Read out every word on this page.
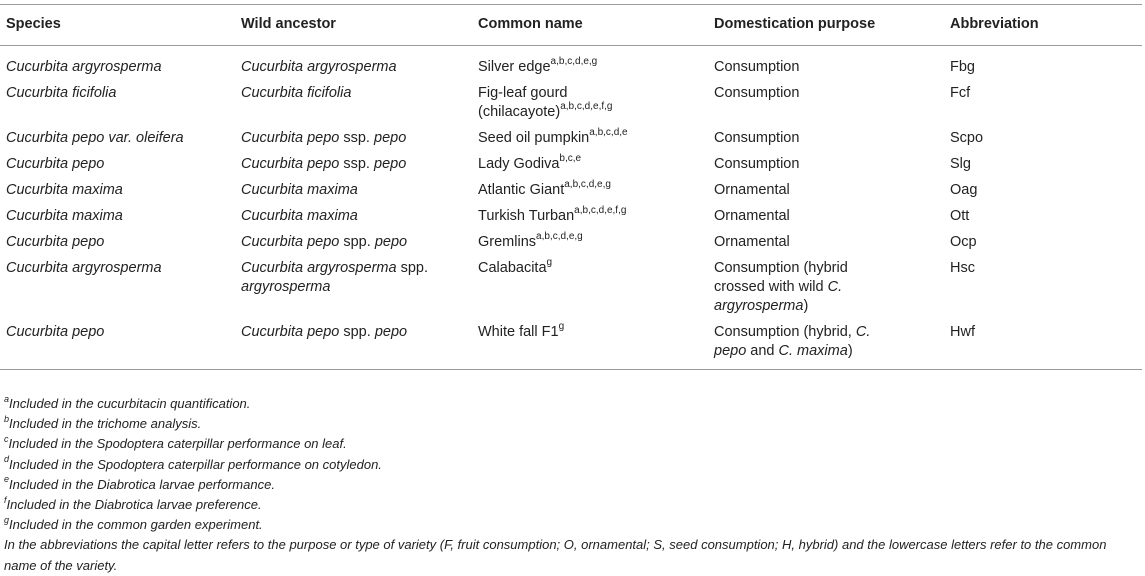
Species	Wild ancestor	Common name	Domestication purpose	Abbreviation
Cucurbita argyrosperma	Cucurbita argyrosperma	Silver edge$^{a,b,c,d,e,g}$	Consumption	Fbg
Cucurbita ficifolia	Cucurbita ficifolia	Fig-leaf gourd (chilacayote)$^{a,b,c,d,e,f,g}$	Consumption	Fcf
Cucurbita pepo var. oleifera	Cucurbita pepo ssp. pepo	Seed oil pumpkin$^{a,b,c,d,e}$	Consumption	Scpo
Cucurbita pepo	Cucurbita pepo ssp. pepo	Lady Godiva$^{b,c,e}$	Consumption	Slg
Cucurbita maxima	Cucurbita maxima	Atlantic Giant$^{a,b,c,d,e,g}$	Ornamental	Oag
Cucurbita maxima	Cucurbita maxima	Turkish Turban$^{a,b,c,d,e,f,g}$	Ornamental	Ott
Cucurbita pepo	Cucurbita pepo spp. pepo	Gremlins$^{a,b,c,d,e,g}$	Ornamental	Ocp
Cucurbita argyrosperma	Cucurbita argyrosperma spp. argyrosperma	Calabacita$^g$	Consumption (hybrid crossed with wild C. argyrosperma)	Hsc
Cucurbita pepo	Cucurbita pepo spp. pepo	White fall F1$^g$	Consumption (hybrid, C. pepo and C. maxima)	Hwf
$^a$Included in the cucurbitacin quantification.
$^b$Included in the trichome analysis.
$^c$Included in the Spodoptera caterpillar performance on leaf.
$^d$Included in the Spodoptera caterpillar performance on cotyledon.
$^e$Included in the Diabrotica larvae performance.
$^f$Included in the Diabrotica larvae preference.
$^g$Included in the common garden experiment.
In the abbreviations the capital letter refers to the purpose or type of variety (F, fruit consumption; O, ornamental; S, seed consumption; H, hybrid) and the lowercase letters refer to the common name of the variety.
